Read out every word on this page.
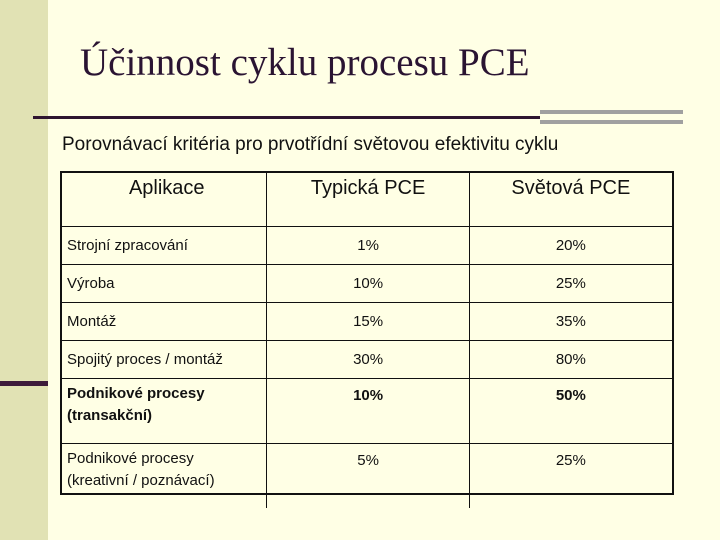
Účinnost cyklu procesu PCE
Porovnávací kritéria pro prvotřídní světovou efektivitu cyklu
Aplikace	Typická PCE	Světová PCE
Strojní zpracování	1%	20%
Výroba	10%	25%
Montáž	15%	35%
Spojitý proces / montáž	30%	80%

Podnikové procesy
(transakční)	10%	50%

Podnikové procesy
(kreativní / poznávací)	5%	25%
